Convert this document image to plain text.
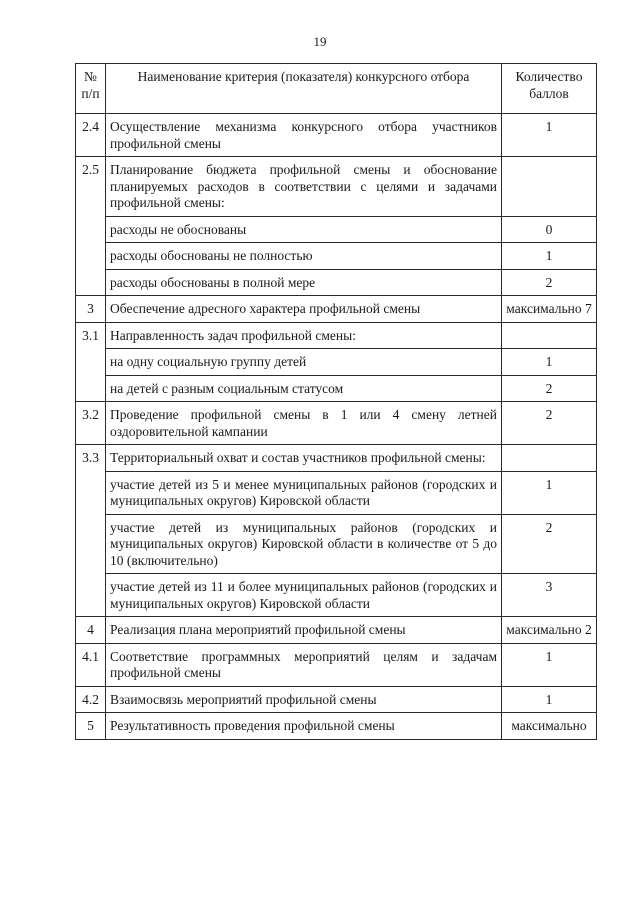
19
№ п/п	Наименование критерия (показателя) конкурсного отбора	Количество баллов
2.4	Осуществление механизма конкурсного отбора участников профильной смены	1
2.5	Планирование бюджета профильной смены и обоснование планируемых расходов в соответствии с целями и задачами профильной смены:	
	расходы не обоснованы	0
	расходы обоснованы не полностью	1
	расходы обоснованы в полной мере	2
3	Обеспечение адресного характера профильной смены	максимально 7
3.1	Направленность задач профильной смены:	
	на одну социальную группу детей	1
	на детей с разным социальным статусом	2
3.2	Проведение профильной смены в 1 или 4 смену летней оздоровительной кампании	2
3.3	Территориальный охват и состав участников профильной смены:	
	участие детей из 5 и менее муниципальных районов (городских и муниципальных округов) Кировской области	1
	участие детей из муниципальных районов (городских и муниципальных округов) Кировской области в количестве от 5 до 10 (включительно)	2
	участие детей из 11 и более муниципальных районов (городских и муниципальных округов) Кировской области	3
4	Реализация плана мероприятий профильной смены	максимально 2
4.1	Соответствие программных мероприятий целям и задачам профильной смены	1
4.2	Взаимосвязь мероприятий профильной смены	1
5	Результативность проведения профильной смены	максимально
